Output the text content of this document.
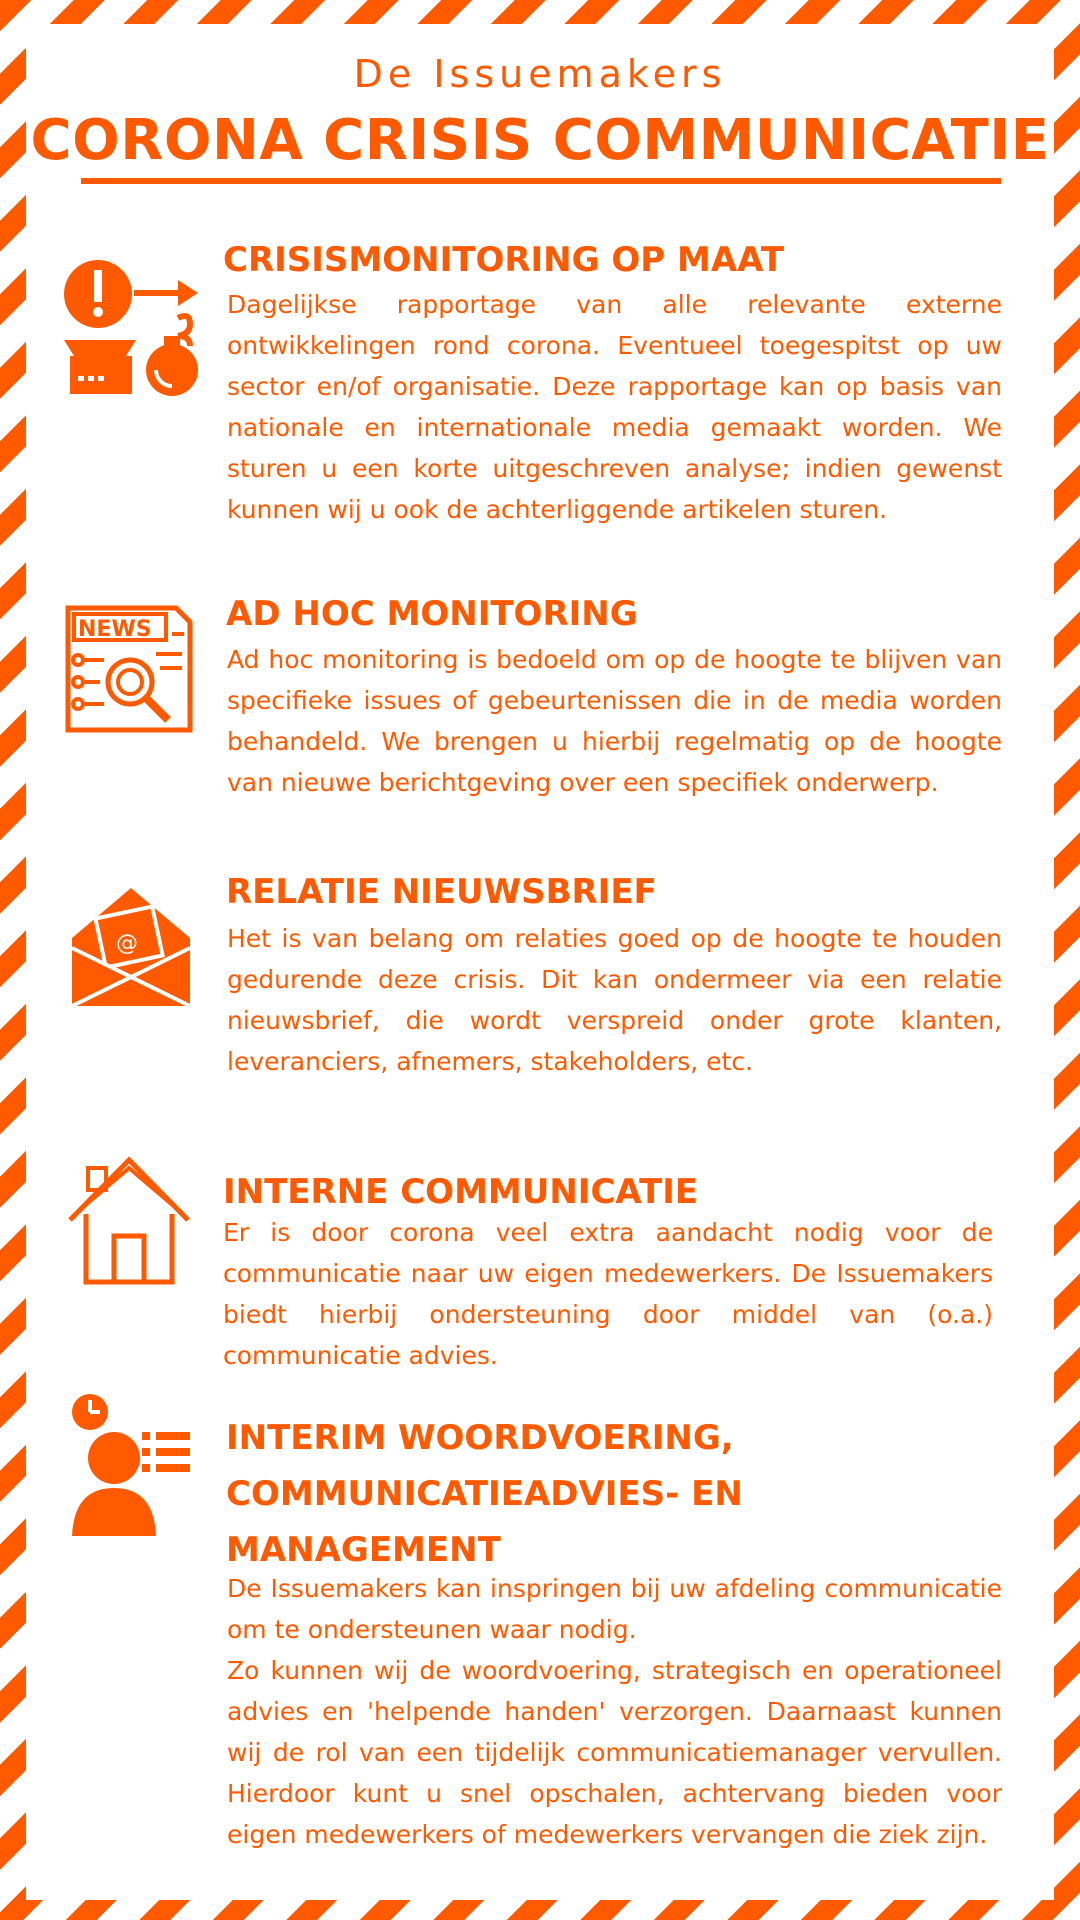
De Issuemakers
CORONA CRISIS COMMUNICATIE
CRISISMONITORING OP MAAT
Dagelijkse rapportage van alle relevante externe ontwikkelingen rond corona. Eventueel toegespitst op uw sector en/of organisatie. Deze rapportage kan op basis van nationale en internationale media gemaakt worden. We sturen u een korte uitgeschreven analyse; indien gewenst kunnen wij u ook de achterliggende artikelen sturen.
NEWS AD HOC MONITORING
Ad hoc monitoring is bedoeld om op de hoogte te blijven van specifieke issues of gebeurtenissen die in de media worden behandeld. We brengen u hierbij regelmatig op de hoogte van nieuwe berichtgeving over een specifiek onderwerp.
@
RELATIE NIEUWSBRIEF
Het is van belang om relaties goed op de hoogte te houden gedurende deze crisis. Dit kan ondermeer via een relatie nieuwsbrief, die wordt verspreid onder grote klanten, leveranciers, afnemers, stakeholders, etc.
INTERNE COMMUNICATIE
Er is door corona veel extra aandacht nodig voor de communicatie naar uw eigen medewerkers. De Issuemakers biedt hierbij ondersteuning door middel van (o.a.) communicatie advies.
INTERIM WOORDVOERING,
COMMUNICATIEADVIES- EN
MANAGEMENT

De Issuemakers kan inspringen bij uw afdeling communicatie om te ondersteunen waar nodig.

Zo kunnen wij de woordvoering, strategisch en operationeel advies en 'helpende handen' verzorgen. Daarnaast kunnen wij de rol van een tijdelijk communicatiemanager vervullen. Hierdoor kunt u snel opschalen, achtervang bieden voor eigen medewerkers of medewerkers vervangen die ziek zijn.
